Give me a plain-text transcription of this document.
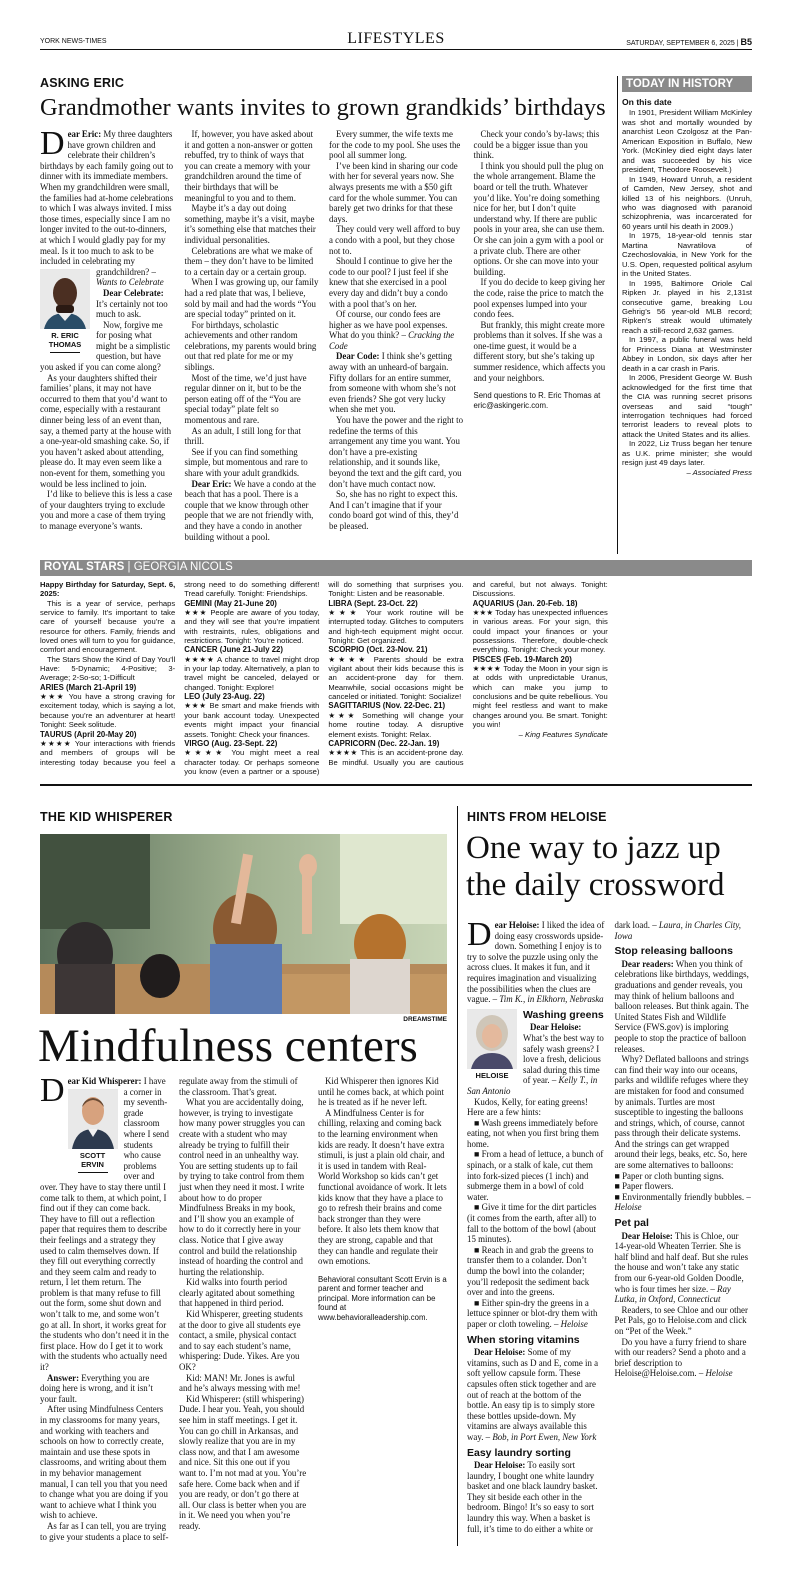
YORK NEWS-TIMES	LIFESTYLES	SATURDAY, SEPTEMBER 6, 2025 | B5
ASKING ERIC
Grandmother wants invites to grown grandkids’ birthdays

Dear Eric: My three daughters have grown children and celebrate their children’s birthdays by each family going out to dinner with its immediate members. When my grandchildren were small, the families had at-home celebrations to which I was always invited. I miss those times, especially since I am no longer invited to the out-to-dinners, at which I would gladly pay for my meal. Is it too much to ask to be included in celebrating my grandchildren?
R. ERIC THOMAS
– Wants to Celebrate

Dear Celebrate: It’s certainly not too much to ask.

Now, forgive me for posing what might be a simplistic question, but have you asked if you can come along?

As your daughters shifted their families’ plans, it may not have occurred to them that you’d want to come, especially with a restaurant dinner being less of an event than, say, a themed party at the house with a one-year-old smashing cake. So, if you haven’t asked about attending, please do. It may even seem like a non-event for them, something you would be less inclined to join.

I’d like to believe this is less a case of your daughters trying to exclude you and more a case of them trying to manage everyone’s wants.

If, however, you have asked about it and gotten a non-answer or gotten rebuffed, try to think of ways that you can create a memory with your grandchildren around the time of their birthdays that will be meaningful to you and to them.

Maybe it’s a day out doing something, maybe it’s a visit, maybe it’s something else that matches their individual personalities.

Celebrations are what we make of them – they don’t have to be limited to a certain day or a certain group.

When I was growing up, our family had a red plate that was, I believe, sold by mail and had the words “You are special today” printed on it.

For birthdays, scholastic achievements and other random celebrations, my parents would bring out that red plate for me or my siblings.

Most of the time, we’d just have regular dinner on it, but to be the person eating off of the “You are special today” plate felt so momentous and rare.

As an adult, I still long for that thrill.

See if you can find something simple, but momentous and rare to share with your adult grandkids.

Dear Eric: We have a condo at the beach that has a pool. There is a couple that we know through other people that we are not friendly with, and they have a condo in another building without a pool.

Every summer, the wife texts me for the code to my pool. She uses the pool all summer long.

I’ve been kind in sharing our code with her for several years now. She always presents me with a $50 gift card for the whole summer. You can barely get two drinks for that these days.

They could very well afford to buy a condo with a pool, but they chose not to.

Should I continue to give her the code to our pool? I just feel if she knew that she exercised in a pool every day and didn’t buy a condo with a pool that’s on her.

Of course, our condo fees are higher as we have pool expenses. What do you think? – Cracking the Code

Dear Code: I think she’s getting away with an unheard-of bargain. Fifty dollars for an entire summer, from someone with whom she’s not even friends? She got very lucky when she met you.

You have the power and the right to redefine the terms of this arrangement any time you want. You don’t have a pre-existing relationship, and it sounds like, beyond the text and the gift card, you don’t have much contact now.

So, she has no right to expect this. And I can’t imagine that if your condo board got wind of this, they’d be pleased.

Check your condo’s by-laws; this could be a bigger issue than you think.

I think you should pull the plug on the whole arrangement. Blame the board or tell the truth. Whatever you’d like. You’re doing something nice for her, but I don’t quite understand why. If there are public pools in your area, she can use them. Or she can join a gym with a pool or a private club. There are other options. Or she can move into your building.

If you do decide to keep giving her the code, raise the price to match the pool expenses lumped into your condo fees.

But frankly, this might create more problems than it solves. If she was a one-time guest, it would be a different story, but she’s taking up summer residence, which affects you and your neighbors.

Send questions to R. Eric Thomas at eric@askingeric.com.

TODAY IN HISTORY

On this date

In 1901, President William McKinley was shot and mortally wounded by anarchist Leon Czolgosz at the Pan-American Exposition in Buffalo, New York. (McKinley died eight days later and was succeeded by his vice president, Theodore Roosevelt.)

In 1949, Howard Unruh, a resident of Camden, New Jersey, shot and killed 13 of his neighbors. (Unruh, who was diagnosed with paranoid schizophrenia, was incarcerated for 60 years until his death in 2009.)

In 1975, 18-year-old tennis star Martina Navratilova of Czechoslovakia, in New York for the U.S. Open, requested political asylum in the United States.

In 1995, Baltimore Oriole Cal Ripken Jr. played in his 2,131st consecutive game, breaking Lou Gehrig’s 56 year-old MLB record; Ripken’s streak would ultimately reach a still-record 2,632 games.

In 1997, a public funeral was held for Princess Diana at Westminster Abbey in London, six days after her death in a car crash in Paris.

In 2006, President George W. Bush acknowledged for the first time that the CIA was running secret prisons overseas and said “tough” interrogation techniques had forced terrorist leaders to reveal plots to attack the United States and its allies.

In 2022, Liz Truss began her tenure as U.K. prime minister; she would resign just 49 days later.

– Associated Press

ROYAL STARS | GEORGIA NICOLS

Happy Birthday for Saturday, Sept. 6, 2025:

This is a year of service, perhaps service to family. It’s important to take care of yourself because you’re a resource for others. Family, friends and loved ones will turn to you for guidance, comfort and encouragement.

The Stars Show the Kind of Day You’ll Have: 5-Dynamic; 4-Positive; 3-Average; 2-So-so; 1-Difficult

ARIES (March 21-April 19)

★★★ You have a strong craving for excitement today, which is saying a lot, because you’re an adventurer at heart! Tonight: Seek solitude.

TAURUS (April 20-May 20)

★★★★ Your interactions with friends and members of groups will be interesting today because you feel a strong need to do something different! Tread carefully. Tonight: Friendships.

GEMINI (May 21-June 20)

★★★ People are aware of you today, and they will see that you’re impatient with restraints, rules, obligations and restrictions. Tonight: You’re noticed.

CANCER (June 21-July 22)

★★★★ A chance to travel might drop in your lap today. Alternatively, a plan to travel might be canceled, delayed or changed. Tonight: Explore!

LEO (July 23-Aug. 22)

★★★ Be smart and make friends with your bank account today. Unexpected events might impact your financial assets. Tonight: Check your finances.

VIRGO (Aug. 23-Sept. 22)

★★★★ You might meet a real character today. Or perhaps someone you know (even a partner or a spouse) will do something that surprises you. Tonight: Listen and be reasonable.

LIBRA (Sept. 23-Oct. 22)

★★★ Your work routine will be interrupted today. Glitches to computers and high-tech equipment might occur. Tonight: Get organized.

SCORPIO (Oct. 23-Nov. 21)

★★★★ Parents should be extra vigilant about their kids because this is an accident-prone day for them. Meanwhile, social occasions might be canceled or initiated. Tonight: Socialize!

SAGITTARIUS (Nov. 22-Dec. 21)

★★★ Something will change your home routine today. A disruptive element exists. Tonight: Relax.

CAPRICORN (Dec. 22-Jan. 19)

★★★★ This is an accident-prone day. Be mindful. Usually you are cautious and careful, but not always. Tonight: Discussions.

AQUARIUS (Jan. 20-Feb. 18)

★★★ Today has unexpected influences in various areas. For your sign, this could impact your finances or your possessions. Therefore, double-check everything. Tonight: Check your money.

PISCES (Feb. 19-March 20)

★★★★ Today the Moon in your sign is at odds with unpredictable Uranus, which can make you jump to conclusions and be quite rebellious. You might feel restless and want to make changes around you. Be smart. Tonight: you win!

– King Features Syndicate

THE KID WHISPERER
DREAMSTIME
Mindfulness centers

Dear Kid Whisperer:
SCOTT ERVIN
I have a corner in my seventh-grade classroom where I send students who cause problems over and over. They have to stay there until I come talk to them, at which point, I find out if they can come back. They have to fill out a reflection paper that requires them to describe their feelings and a strategy they used to calm themselves down. If they fill out everything correctly and they seem calm and ready to return, I let them return. The problem is that many refuse to fill out the form, some shut down and won’t talk to me, and some won’t go at all. In short, it works great for the students who don’t need it in the first place. How do I get it to work with the students who actually need it?

Answer: Everything you are doing here is wrong, and it isn’t your fault.

After using Mindfulness Centers in my classrooms for many years, and working with teachers and schools on how to correctly create, maintain and use these spots in classrooms, and writing about them in my behavior management manual, I can tell you that you need to change what you are doing if you want to achieve what I think you wish to achieve.

As far as I can tell, you are trying to give your students a place to self-regulate away from the stimuli of the classroom. That’s great.

What you are accidentally doing, however, is trying to investigate how many power struggles you can create with a student who may already be trying to fulfill their control need in an unhealthy way. You are setting students up to fail by trying to take control from them just when they need it most. I write about how to do proper Mindfulness Breaks in my book, and I’ll show you an example of how to do it correctly here in your class. Notice that I give away control and build the relationship instead of hoarding the control and hurting the relationship.

Kid walks into fourth period clearly agitated about something that happened in third period.

Kid Whisperer, greeting students at the door to give all students eye contact, a smile, physical contact and to say each student’s name, whispering: Dude. Yikes. Are you OK?

Kid: MAN! Mr. Jones is awful and he’s always messing with me!

Kid Whisperer: (still whispering) Dude. I hear you. Yeah, you should see him in staff meetings. I get it. You can go chill in Arkansas, and slowly realize that you are in my class now, and that I am awesome and nice. Sit this one out if you want to. I’m not mad at you. You’re safe here. Come back when and if you are ready, or don’t go there at all. Our class is better when you are in it. We need you when you’re ready.

Kid Whisperer then ignores Kid until he comes back, at which point he is treated as if he never left.

A Mindfulness Center is for chilling, relaxing and coming back to the learning environment when kids are ready. It doesn’t have extra stimuli, is just a plain old chair, and it is used in tandem with Real-World Workshop so kids can’t get functional avoidance of work. It lets kids know that they have a place to go to refresh their brains and come back stronger than they were before. It also lets them know that they are strong, capable and that they can handle and regulate their own emotions.

Behavioral consultant Scott Ervin is a parent and former teacher and principal. More information can be found at www.behavioralleadership.com.

HINTS FROM HELOISE
One way to jazz up the daily crossword

Dear Heloise: I liked the idea of doing easy crosswords upside-down. Something I enjoy is to try to solve the puzzle using only the across clues. It makes it fun, and it requires imagination and visualizing the possibilities when the clues are vague. – Tim K., in Elkhorn, Nebraska

HELOISE

Washing greens

Dear Heloise: What’s the best way to safely wash greens? I love a fresh, delicious salad during this time of year. – Kelly T., in San Antonio

Kudos, Kelly, for eating greens! Here are a few hints:

■ Wash greens immediately before eating, not when you first bring them home.

■ From a head of lettuce, a bunch of spinach, or a stalk of kale, cut them into fork-sized pieces (1 inch) and submerge them in a bowl of cold water.

■ Give it time for the dirt particles (it comes from the earth, after all) to fall to the bottom of the bowl (about 15 minutes).

■ Reach in and grab the greens to transfer them to a colander. Don’t dump the bowl into the colander; you’ll redeposit the sediment back over and into the greens.

■ Either spin-dry the greens in a lettuce spinner or blot-dry them with paper or cloth toweling. – Heloise

When storing vitamins

Dear Heloise: Some of my vitamins, such as D and E, come in a soft yellow capsule form. These capsules often stick together and are out of reach at the bottom of the bottle. An easy tip is to simply store these bottles upside-down. My vitamins are always available this way. – Bob, in Port Ewen, New York

Easy laundry sorting

Dear Heloise: To easily sort laundry, I bought one white laundry basket and one black laundry basket. They sit beside each other in the bedroom. Bingo! It’s so easy to sort laundry this way. When a basket is full, it’s time to do either a white or dark load. – Laura, in Charles City, Iowa

Stop releasing balloons

Dear readers: When you think of celebrations like birthdays, weddings, graduations and gender reveals, you may think of helium balloons and balloon releases. But think again. The United States Fish and Wildlife Service (FWS.gov) is imploring people to stop the practice of balloon releases.

Why? Deflated balloons and strings can find their way into our oceans, parks and wildlife refuges where they are mistaken for food and consumed by animals. Turtles are most susceptible to ingesting the balloons and strings, which, of course, cannot pass through their delicate systems. And the strings can get wrapped around their legs, beaks, etc. So, here are some alternatives to balloons:

■ Paper or cloth bunting signs.

■ Paper flowers.

■ Environmentally friendly bubbles. – Heloise

Pet pal

Dear Heloise: This is Chloe, our 14-year-old Wheaten Terrier. She is half blind and half deaf. But she rules the house and won’t take any static from our 6-year-old Golden Doodle, who is four times her size. – Ray Lutka, in Oxford, Connecticut

Readers, to see Chloe and our other Pet Pals, go to Heloise.com and click on “Pet of the Week.”

Do you have a furry friend to share with our readers? Send a photo and a brief description to Heloise@Heloise.com. – Heloise
